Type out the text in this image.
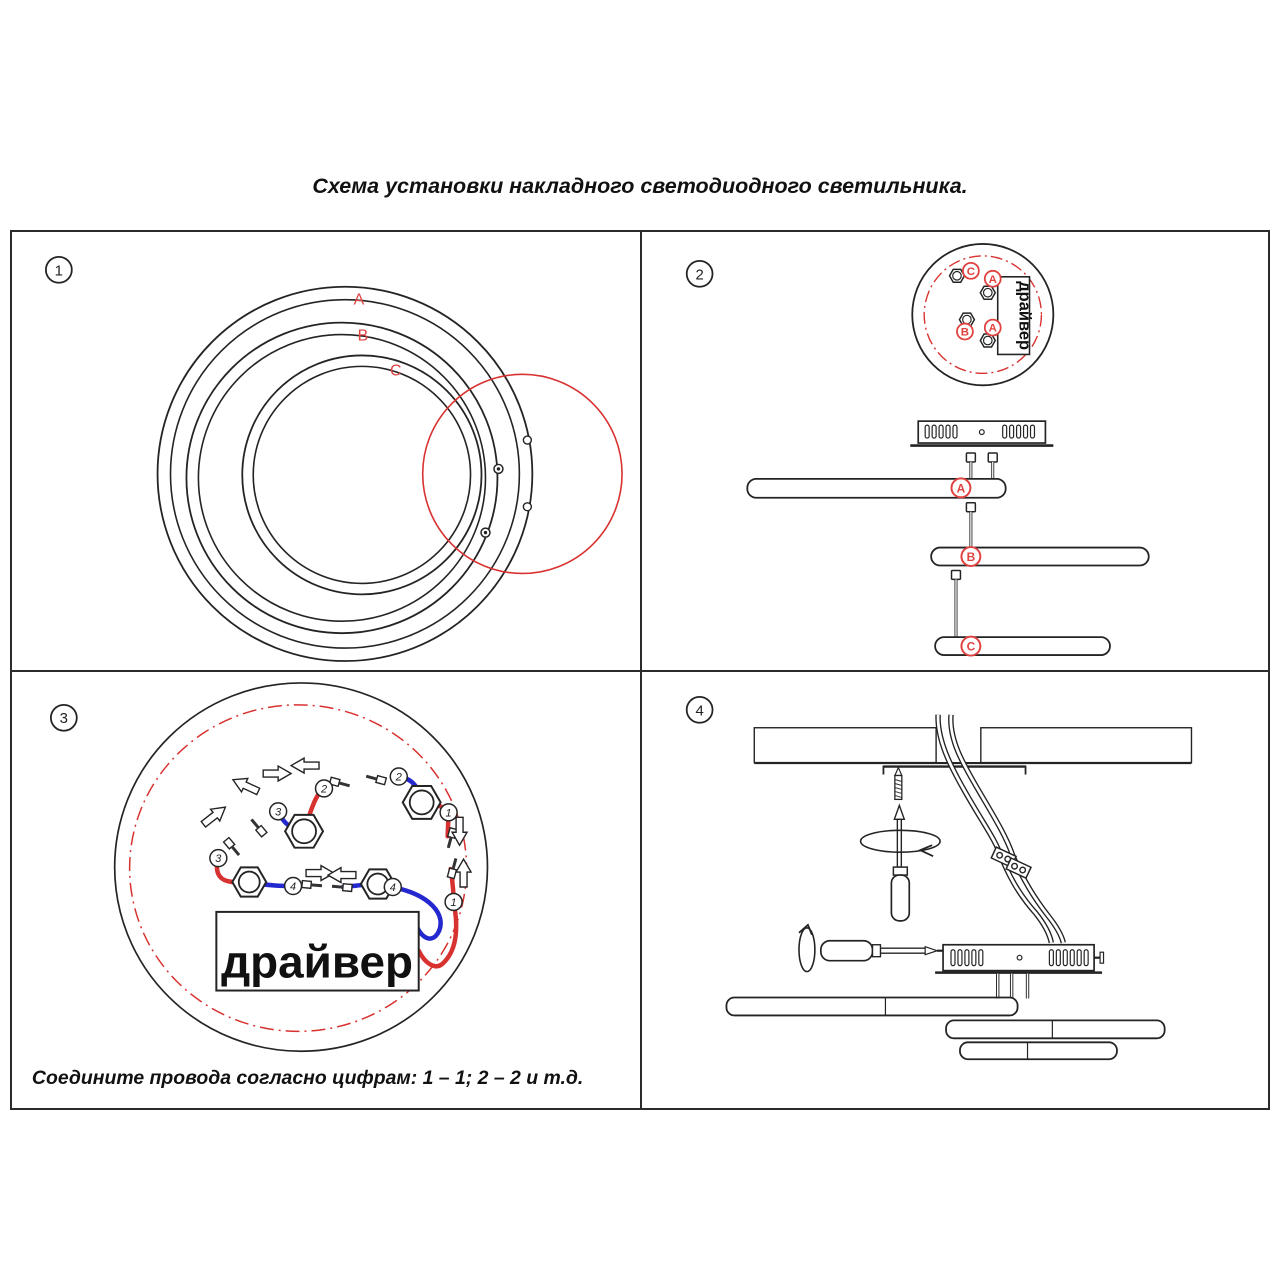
Схема установки накладного светодиодного светильника.
1
A
B
C
2
драйвер
C
A
B A
A
B
C
3
драйвер
2
2
3
3
4	4
1
1
Соедините провода согласно цифрам: 1 – 1; 2 – 2 и т.д.
4
